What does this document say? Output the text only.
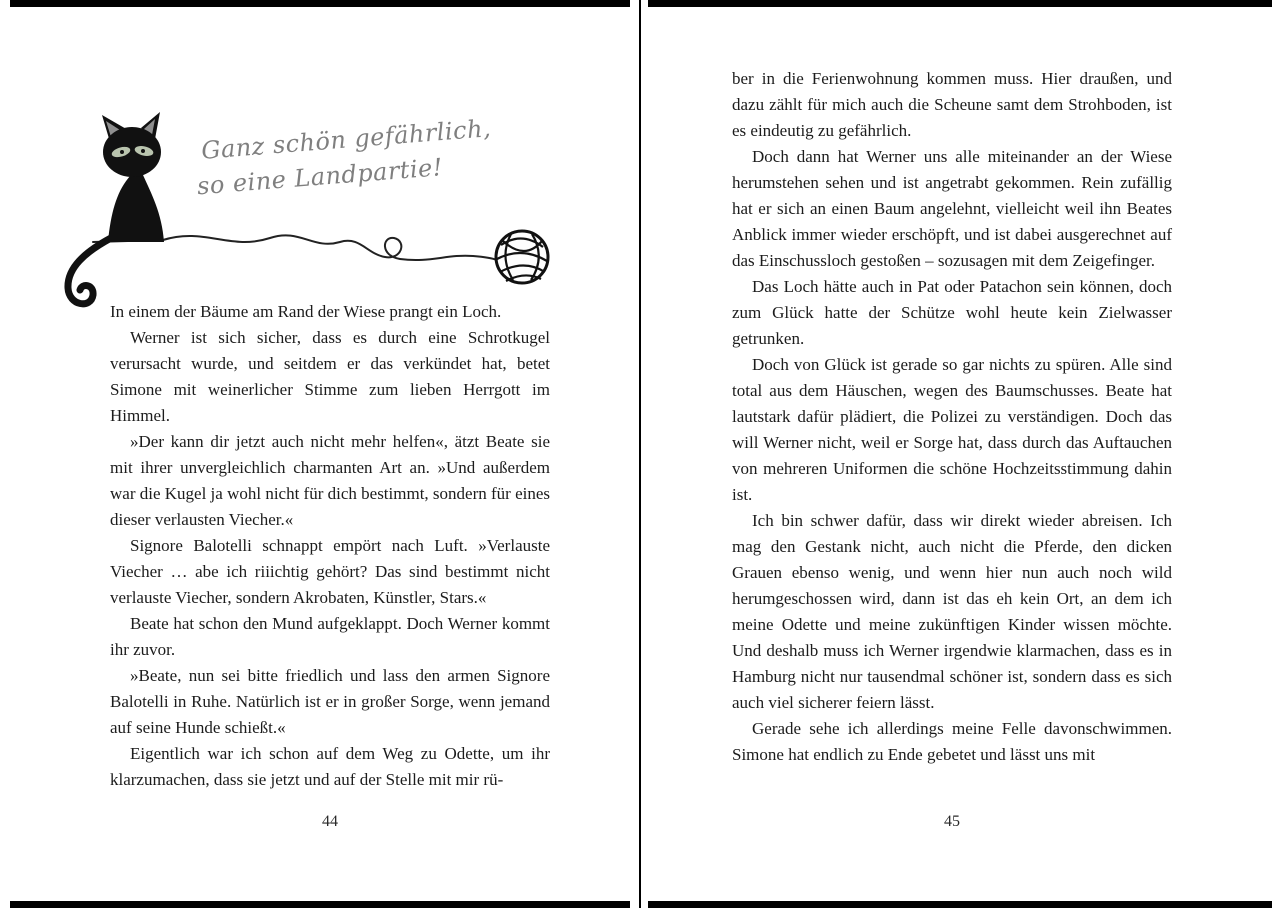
Ganz schön gefährlich,
so eine Landpartie!

In einem der Bäume am Rand der Wiese prangt ein Loch.

Werner ist sich sicher, dass es durch eine Schrotkugel verursacht wurde, und seitdem er das verkündet hat, betet Simone mit weinerlicher Stimme zum lieben Herrgott im Himmel.

»Der kann dir jetzt auch nicht mehr helfen«, ätzt Beate sie mit ihrer unvergleichlich charmanten Art an. »Und außerdem war die Kugel ja wohl nicht für dich bestimmt, sondern für eines dieser verlausten Viecher.«

Signore Balotelli schnappt empört nach Luft. »Verlauste Viecher … abe ich riiichtig gehört? Das sind bestimmt nicht verlauste Viecher, sondern Akrobaten, Künstler, Stars.«

Beate hat schon den Mund aufgeklappt. Doch Werner kommt ihr zuvor.

»Beate, nun sei bitte friedlich und lass den armen Signore Balotelli in Ruhe. Natürlich ist er in großer Sorge, wenn jemand auf seine Hunde schießt.«

Eigentlich war ich schon auf dem Weg zu Odette, um ihr klarzumachen, dass sie jetzt und auf der Stelle mit mir rü-

44

ber in die Ferienwohnung kommen muss. Hier draußen, und dazu zählt für mich auch die Scheune samt dem Strohboden, ist es eindeutig zu gefährlich.

Doch dann hat Werner uns alle miteinander an der Wiese herumstehen sehen und ist angetrabt gekommen. Rein zufällig hat er sich an einen Baum angelehnt, vielleicht weil ihn Beates Anblick immer wieder erschöpft, und ist dabei ausgerechnet auf das Einschussloch gestoßen – sozusagen mit dem Zeigefinger.

Das Loch hätte auch in Pat oder Patachon sein können, doch zum Glück hatte der Schütze wohl heute kein Zielwasser getrunken.

Doch von Glück ist gerade so gar nichts zu spüren. Alle sind total aus dem Häuschen, wegen des Baumschusses. Beate hat lautstark dafür plädiert, die Polizei zu verständigen. Doch das will Werner nicht, weil er Sorge hat, dass durch das Auftauchen von mehreren Uniformen die schöne Hochzeitsstimmung dahin ist.

Ich bin schwer dafür, dass wir direkt wieder abreisen. Ich mag den Gestank nicht, auch nicht die Pferde, den dicken Grauen ebenso wenig, und wenn hier nun auch noch wild herumgeschossen wird, dann ist das eh kein Ort, an dem ich meine Odette und meine zukünftigen Kinder wissen möchte. Und deshalb muss ich Werner irgendwie klarmachen, dass es in Hamburg nicht nur tausendmal schöner ist, sondern dass es sich auch viel sicherer feiern lässt.

Gerade sehe ich allerdings meine Felle davonschwimmen. Simone hat endlich zu Ende gebetet und lässt uns mit

45
